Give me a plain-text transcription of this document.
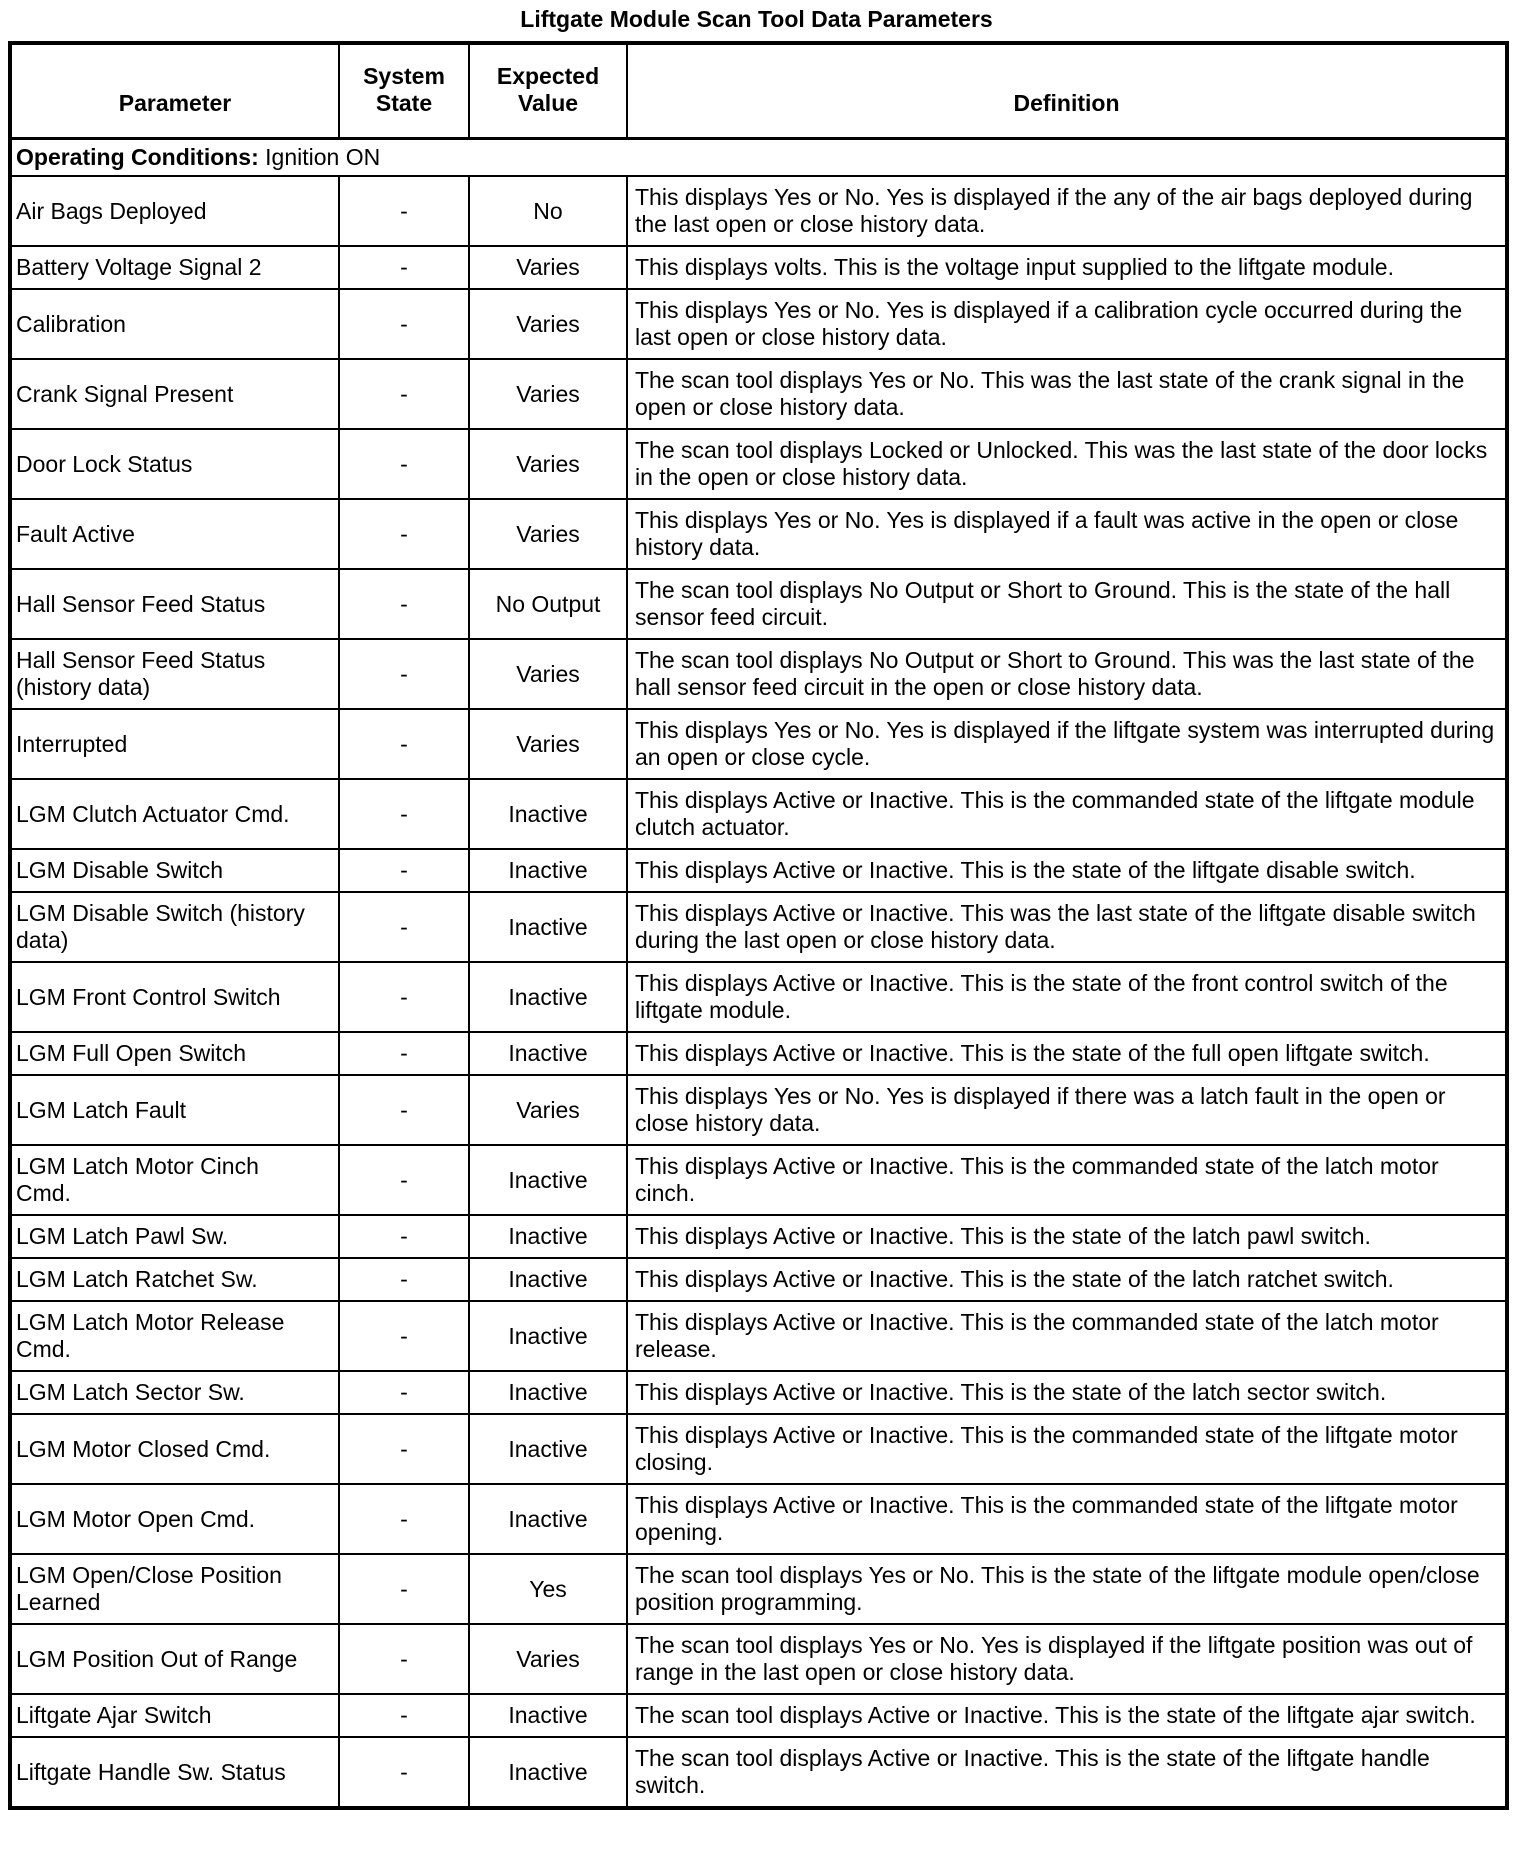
Liftgate Module Scan Tool Data Parameters
Parameter	System State	Expected Value	Definition
Operating Conditions: Ignition ON			
Air Bags Deployed	-	No	This displays Yes or No. Yes is displayed if the any of the air bags deployed during the last open or close history data.
Battery Voltage Signal 2	-	Varies	This displays volts. This is the voltage input supplied to the liftgate module.
Calibration	-	Varies	This displays Yes or No. Yes is displayed if a calibration cycle occurred during the last open or close history data.
Crank Signal Present	-	Varies	The scan tool displays Yes or No. This was the last state of the crank signal in the open or close history data.
Door Lock Status	-	Varies	The scan tool displays Locked or Unlocked. This was the last state of the door locks in the open or close history data.
Fault Active	-	Varies	This displays Yes or No. Yes is displayed if a fault was active in the open or close history data.
Hall Sensor Feed Status	-	No Output	The scan tool displays No Output or Short to Ground. This is the state of the hall sensor feed circuit.
Hall Sensor Feed Status (history data)	-	Varies	The scan tool displays No Output or Short to Ground. This was the last state of the hall sensor feed circuit in the open or close history data.
Interrupted	-	Varies	This displays Yes or No. Yes is displayed if the liftgate system was interrupted during an open or close cycle.
LGM Clutch Actuator Cmd.	-	Inactive	This displays Active or Inactive. This is the commanded state of the liftgate module clutch actuator.
LGM Disable Switch	-	Inactive	This displays Active or Inactive. This is the state of the liftgate disable switch.
LGM Disable Switch (history data)	-	Inactive	This displays Active or Inactive. This was the last state of the liftgate disable switch during the last open or close history data.
LGM Front Control Switch	-	Inactive	This displays Active or Inactive. This is the state of the front control switch of the liftgate module.
LGM Full Open Switch	-	Inactive	This displays Active or Inactive. This is the state of the full open liftgate switch.
LGM Latch Fault	-	Varies	This displays Yes or No. Yes is displayed if there was a latch fault in the open or close history data.
LGM Latch Motor Cinch Cmd.	-	Inactive	This displays Active or Inactive. This is the commanded state of the latch motor cinch.
LGM Latch Pawl Sw.	-	Inactive	This displays Active or Inactive. This is the state of the latch pawl switch.
LGM Latch Ratchet Sw.	-	Inactive	This displays Active or Inactive. This is the state of the latch ratchet switch.
LGM Latch Motor Release Cmd.	-	Inactive	This displays Active or Inactive. This is the commanded state of the latch motor release.
LGM Latch Sector Sw.	-	Inactive	This displays Active or Inactive. This is the state of the latch sector switch.
LGM Motor Closed Cmd.	-	Inactive	This displays Active or Inactive. This is the commanded state of the liftgate motor closing.
LGM Motor Open Cmd.	-	Inactive	This displays Active or Inactive. This is the commanded state of the liftgate motor opening.
LGM Open/Close Position Learned	-	Yes	The scan tool displays Yes or No. This is the state of the liftgate module open/close position programming.
LGM Position Out of Range	-	Varies	The scan tool displays Yes or No. Yes is displayed if the liftgate position was out of range in the last open or close history data.
Liftgate Ajar Switch	-	Inactive	The scan tool displays Active or Inactive. This is the state of the liftgate ajar switch.
Liftgate Handle Sw. Status	-	Inactive	The scan tool displays Active or Inactive. This is the state of the liftgate handle switch.
